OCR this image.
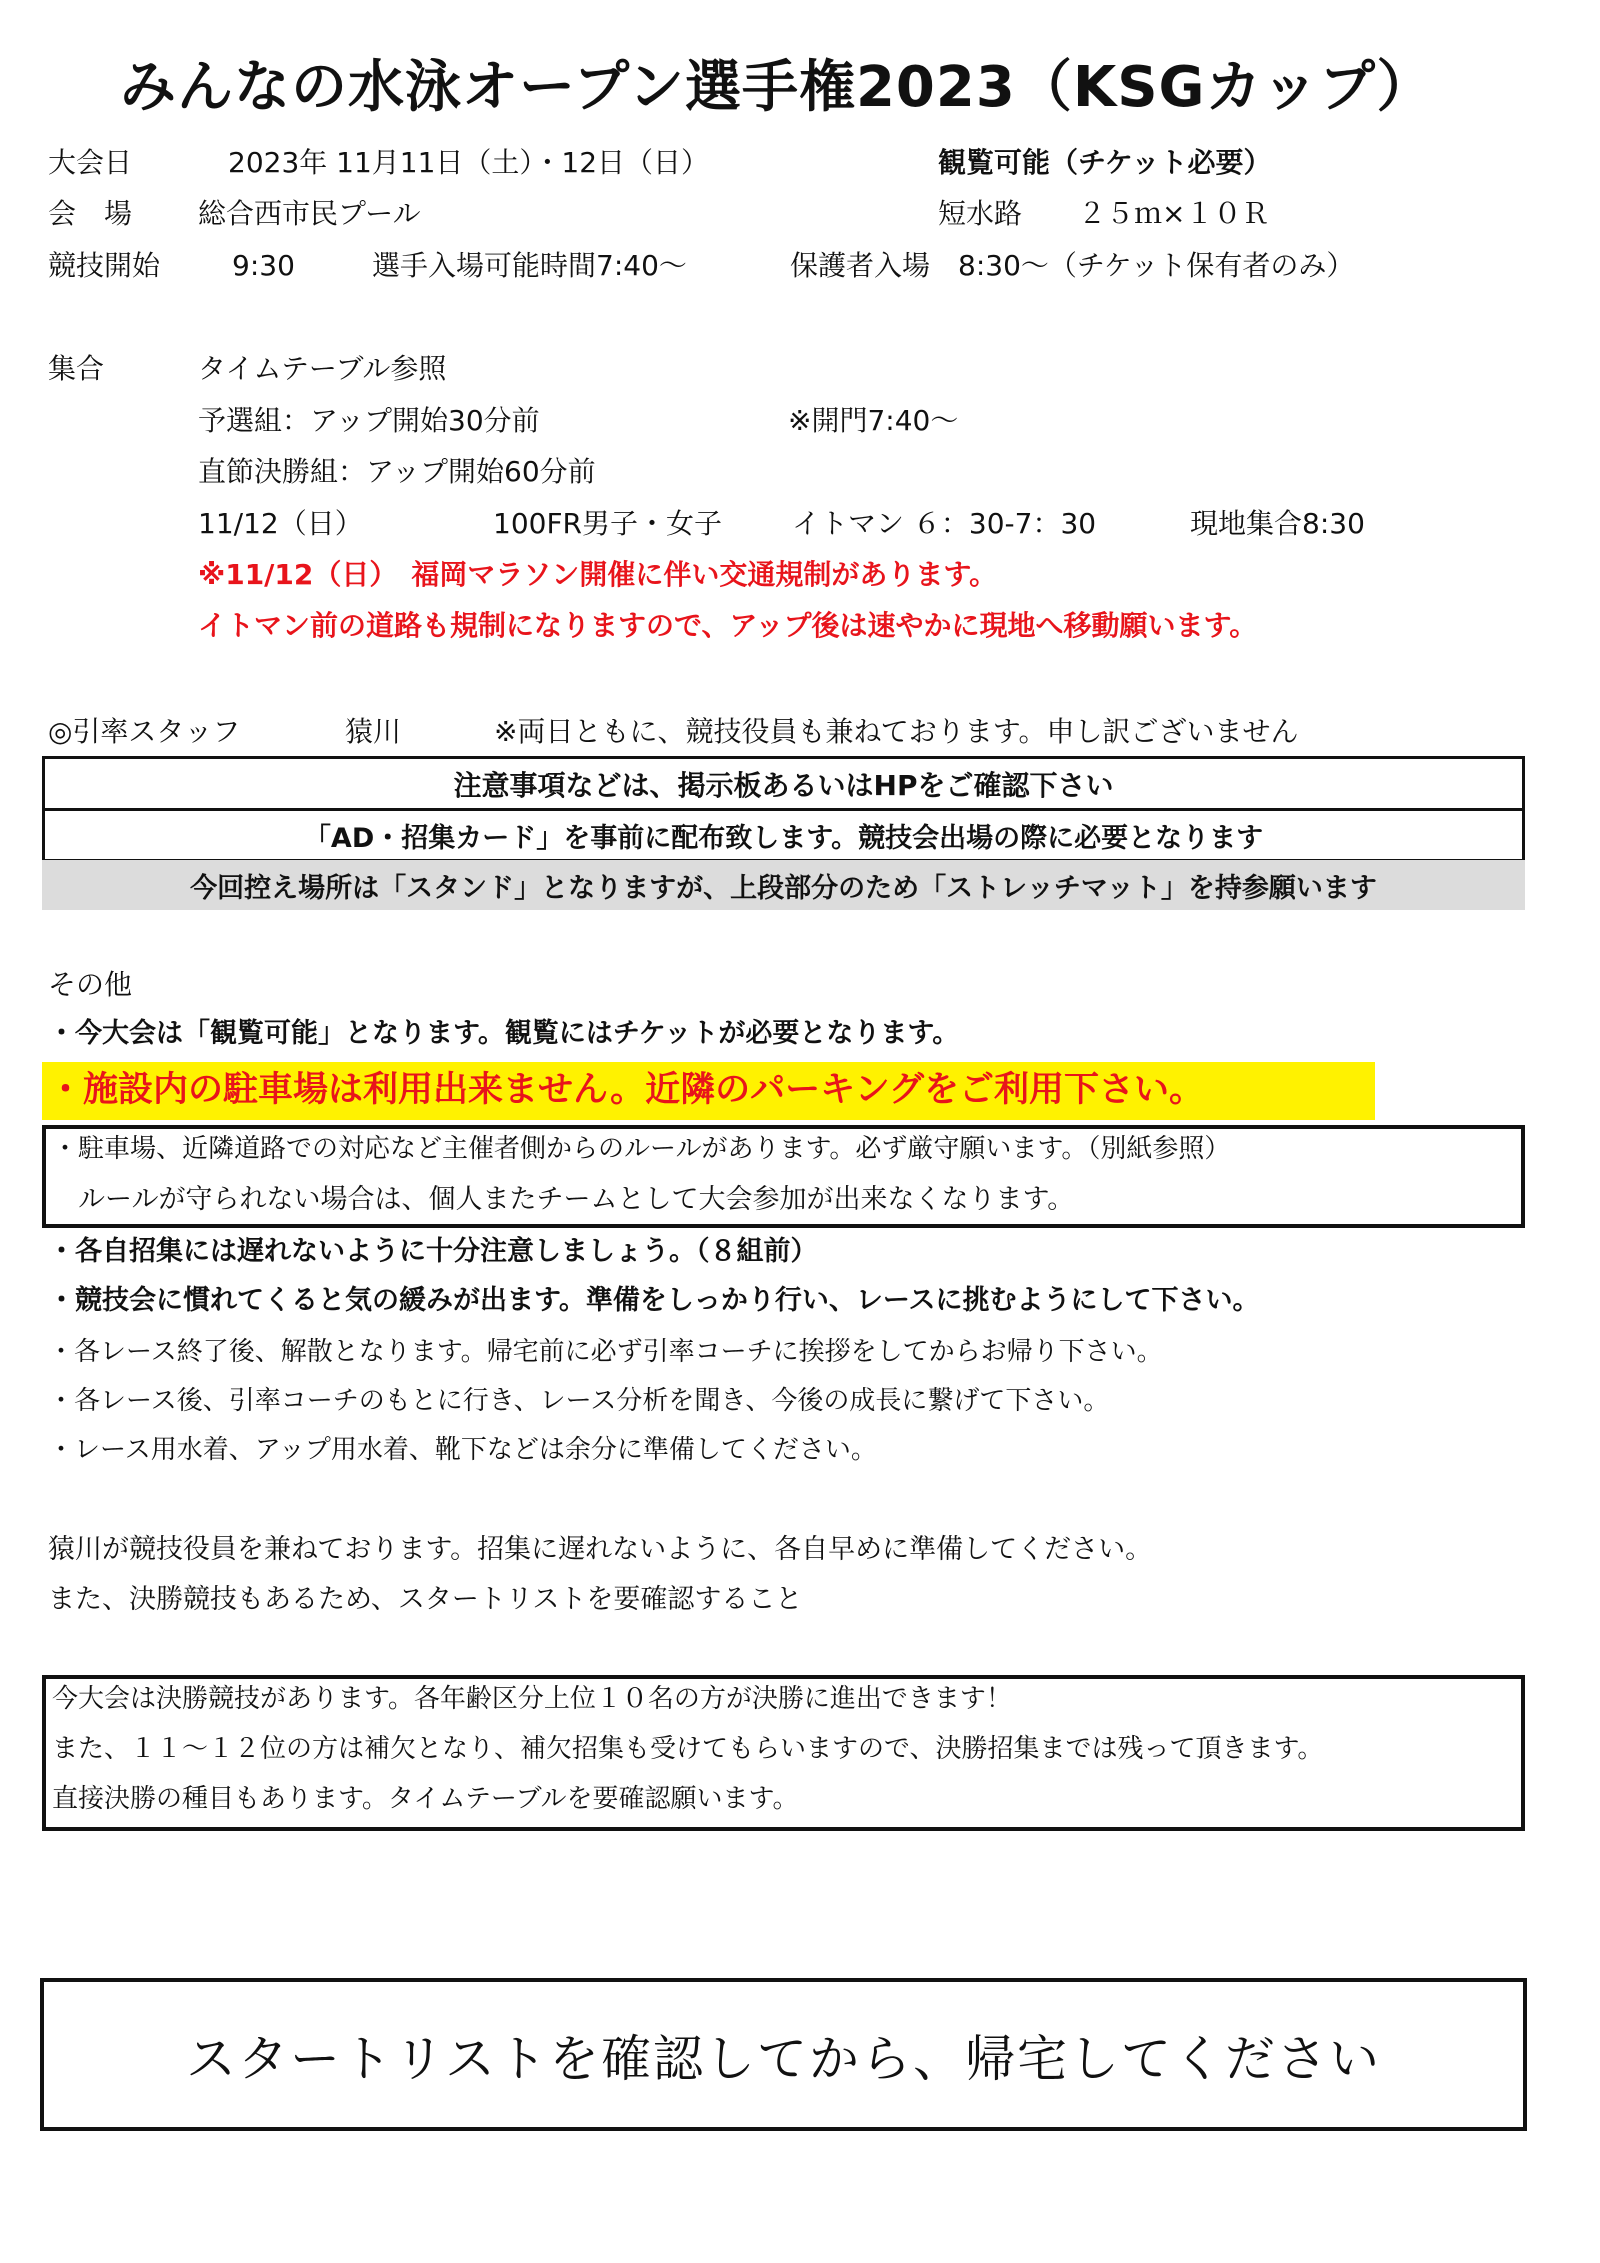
みんなの水泳オープン選手権2023（KSGカップ）
大会日	2023年 11月11日（土）・12日（日）	観覧可能（チケット必要）
会　場 総合西市民プール	短水路　　２５ｍ×１０Ｒ
競技開始	9:30	選手入場可能時間7:40～	保護者入場　8:30～（チケット保有者のみ）
集合	タイムテーブル参照
予選組：アップ開始30分前	※開門7:40～
直節決勝組：アップ開始60分前
11/12（日）	100FR男子・女子 イトマン ６：30-7：30	現地集合8:30
※11/12（日）　福岡マラソン開催に伴い交通規制があります。
イトマン前の道路も規制になりますので、アップ後は速やかに現地へ移動願います。
◎引率スタッフ	猿川	※両日ともに、競技役員も兼ねております。申し訳ございません
注意事項などは、掲示板あるいはHPをご確認下さい
「AD・招集カード」を事前に配布致します。競技会出場の際に必要となります
今回控え場所は「スタンド」となりますが、上段部分のため「ストレッチマット」を持参願います
その他
・今大会は「観覧可能」となります。観覧にはチケットが必要となります。
・施設内の駐車場は利用出来ません。近隣のパーキングをご利用下さい。
・駐車場、近隣道路での対応など主催者側からのルールがあります。必ず厳守願います。（別紙参照）
ルールが守られない場合は、個人またチームとして大会参加が出来なくなります。
・各自招集には遅れないように十分注意しましょう。（８組前）
・競技会に慣れてくると気の緩みが出ます。準備をしっかり行い、レースに挑むようにして下さい。
・各レース終了後、解散となります。帰宅前に必ず引率コーチに挨拶をしてからお帰り下さい。
・各レース後、引率コーチのもとに行き、レース分析を聞き、今後の成長に繋げて下さい。
・レース用水着、アップ用水着、靴下などは余分に準備してください。
猿川が競技役員を兼ねております。招集に遅れないように、各自早めに準備してください。
また、決勝競技もあるため、スタートリストを要確認すること
今大会は決勝競技があります。各年齢区分上位１０名の方が決勝に進出できます！
また、１１～１２位の方は補欠となり、補欠招集も受けてもらいますので、決勝招集までは残って頂きます。
直接決勝の種目もあります。タイムテーブルを要確認願います。
スタートリストを確認してから、帰宅してください
